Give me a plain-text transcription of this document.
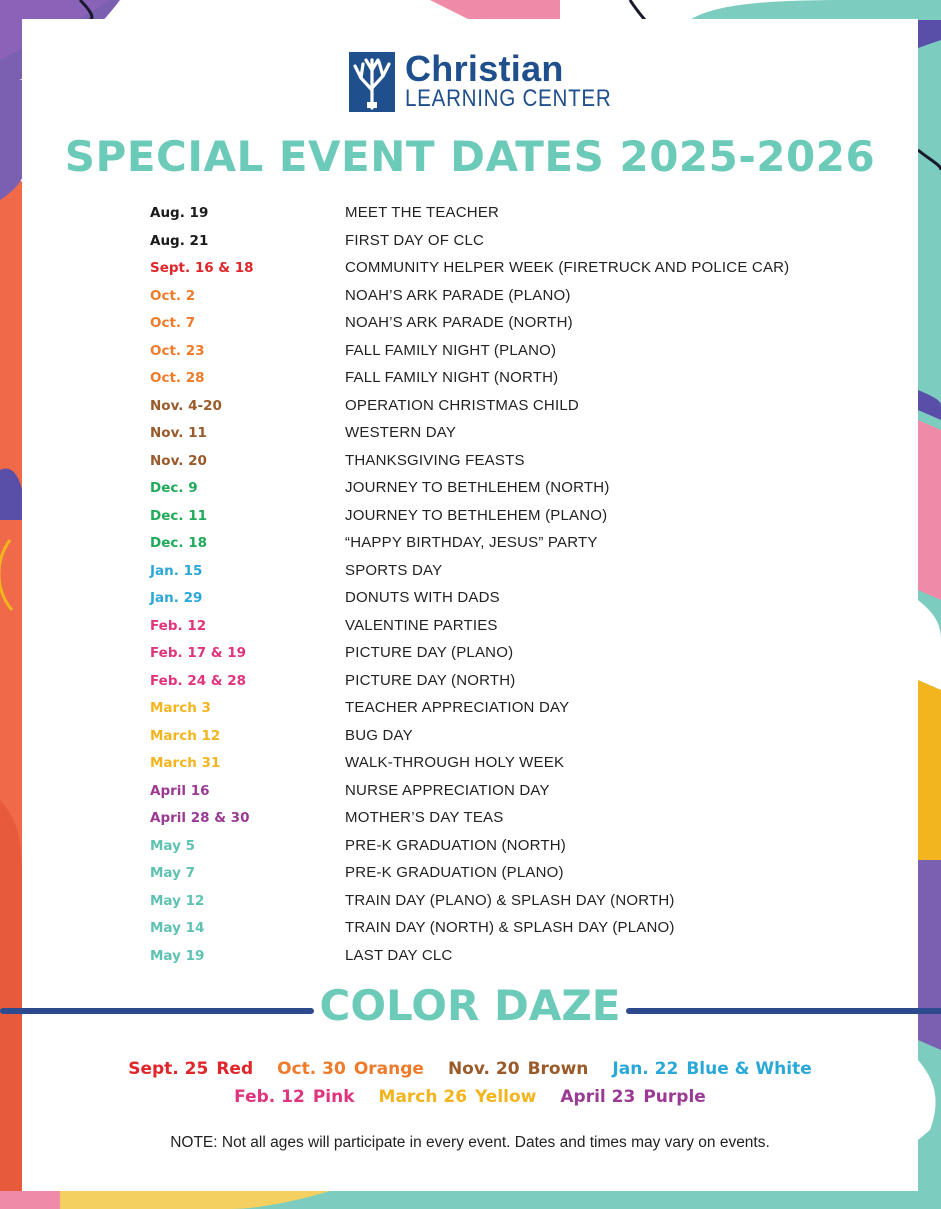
Christian
LEARNING CENTER
SPECIAL EVENT DATES 2025-2026
Aug. 19	MEET THE TEACHER
Aug. 21	FIRST DAY OF CLC
Sept. 16 & 18	COMMUNITY HELPER WEEK (FIRETRUCK AND POLICE CAR)
Oct. 2	NOAH’S ARK PARADE (PLANO)
Oct. 7	NOAH’S ARK PARADE (NORTH)
Oct. 23	FALL FAMILY NIGHT (PLANO)
Oct. 28	FALL FAMILY NIGHT (NORTH)
Nov. 4-20	OPERATION CHRISTMAS CHILD
Nov. 11	WESTERN DAY
Nov. 20	THANKSGIVING FEASTS
Dec. 9	JOURNEY TO BETHLEHEM (NORTH)
Dec. 11	JOURNEY TO BETHLEHEM (PLANO)
Dec. 18	“HAPPY BIRTHDAY, JESUS” PARTY
Jan. 15	SPORTS DAY
Jan. 29	DONUTS WITH DADS
Feb. 12	VALENTINE PARTIES
Feb. 17 & 19	PICTURE DAY (PLANO)
Feb. 24 & 28	PICTURE DAY (NORTH)
March 3	TEACHER APPRECIATION DAY
March 12	BUG DAY
March 31	WALK-THROUGH HOLY WEEK
April 16	NURSE APPRECIATION DAY
April 28 & 30	MOTHER’S DAY TEAS
May 5	PRE-K GRADUATION (NORTH)
May 7	PRE-K GRADUATION (PLANO)
May 12	TRAIN DAY (PLANO) & SPLASH DAY (NORTH)
May 14	TRAIN DAY (NORTH) & SPLASH DAY (PLANO)
May 19	LAST DAY CLC
COLOR DAZE
Sept. 25 Red Oct. 30 Orange Nov. 20 Brown Jan. 22 Blue & White
Feb. 12 Pink March 26 Yellow April 23 Purple
NOTE: Not all ages will participate in every event. Dates and times may vary on events.
